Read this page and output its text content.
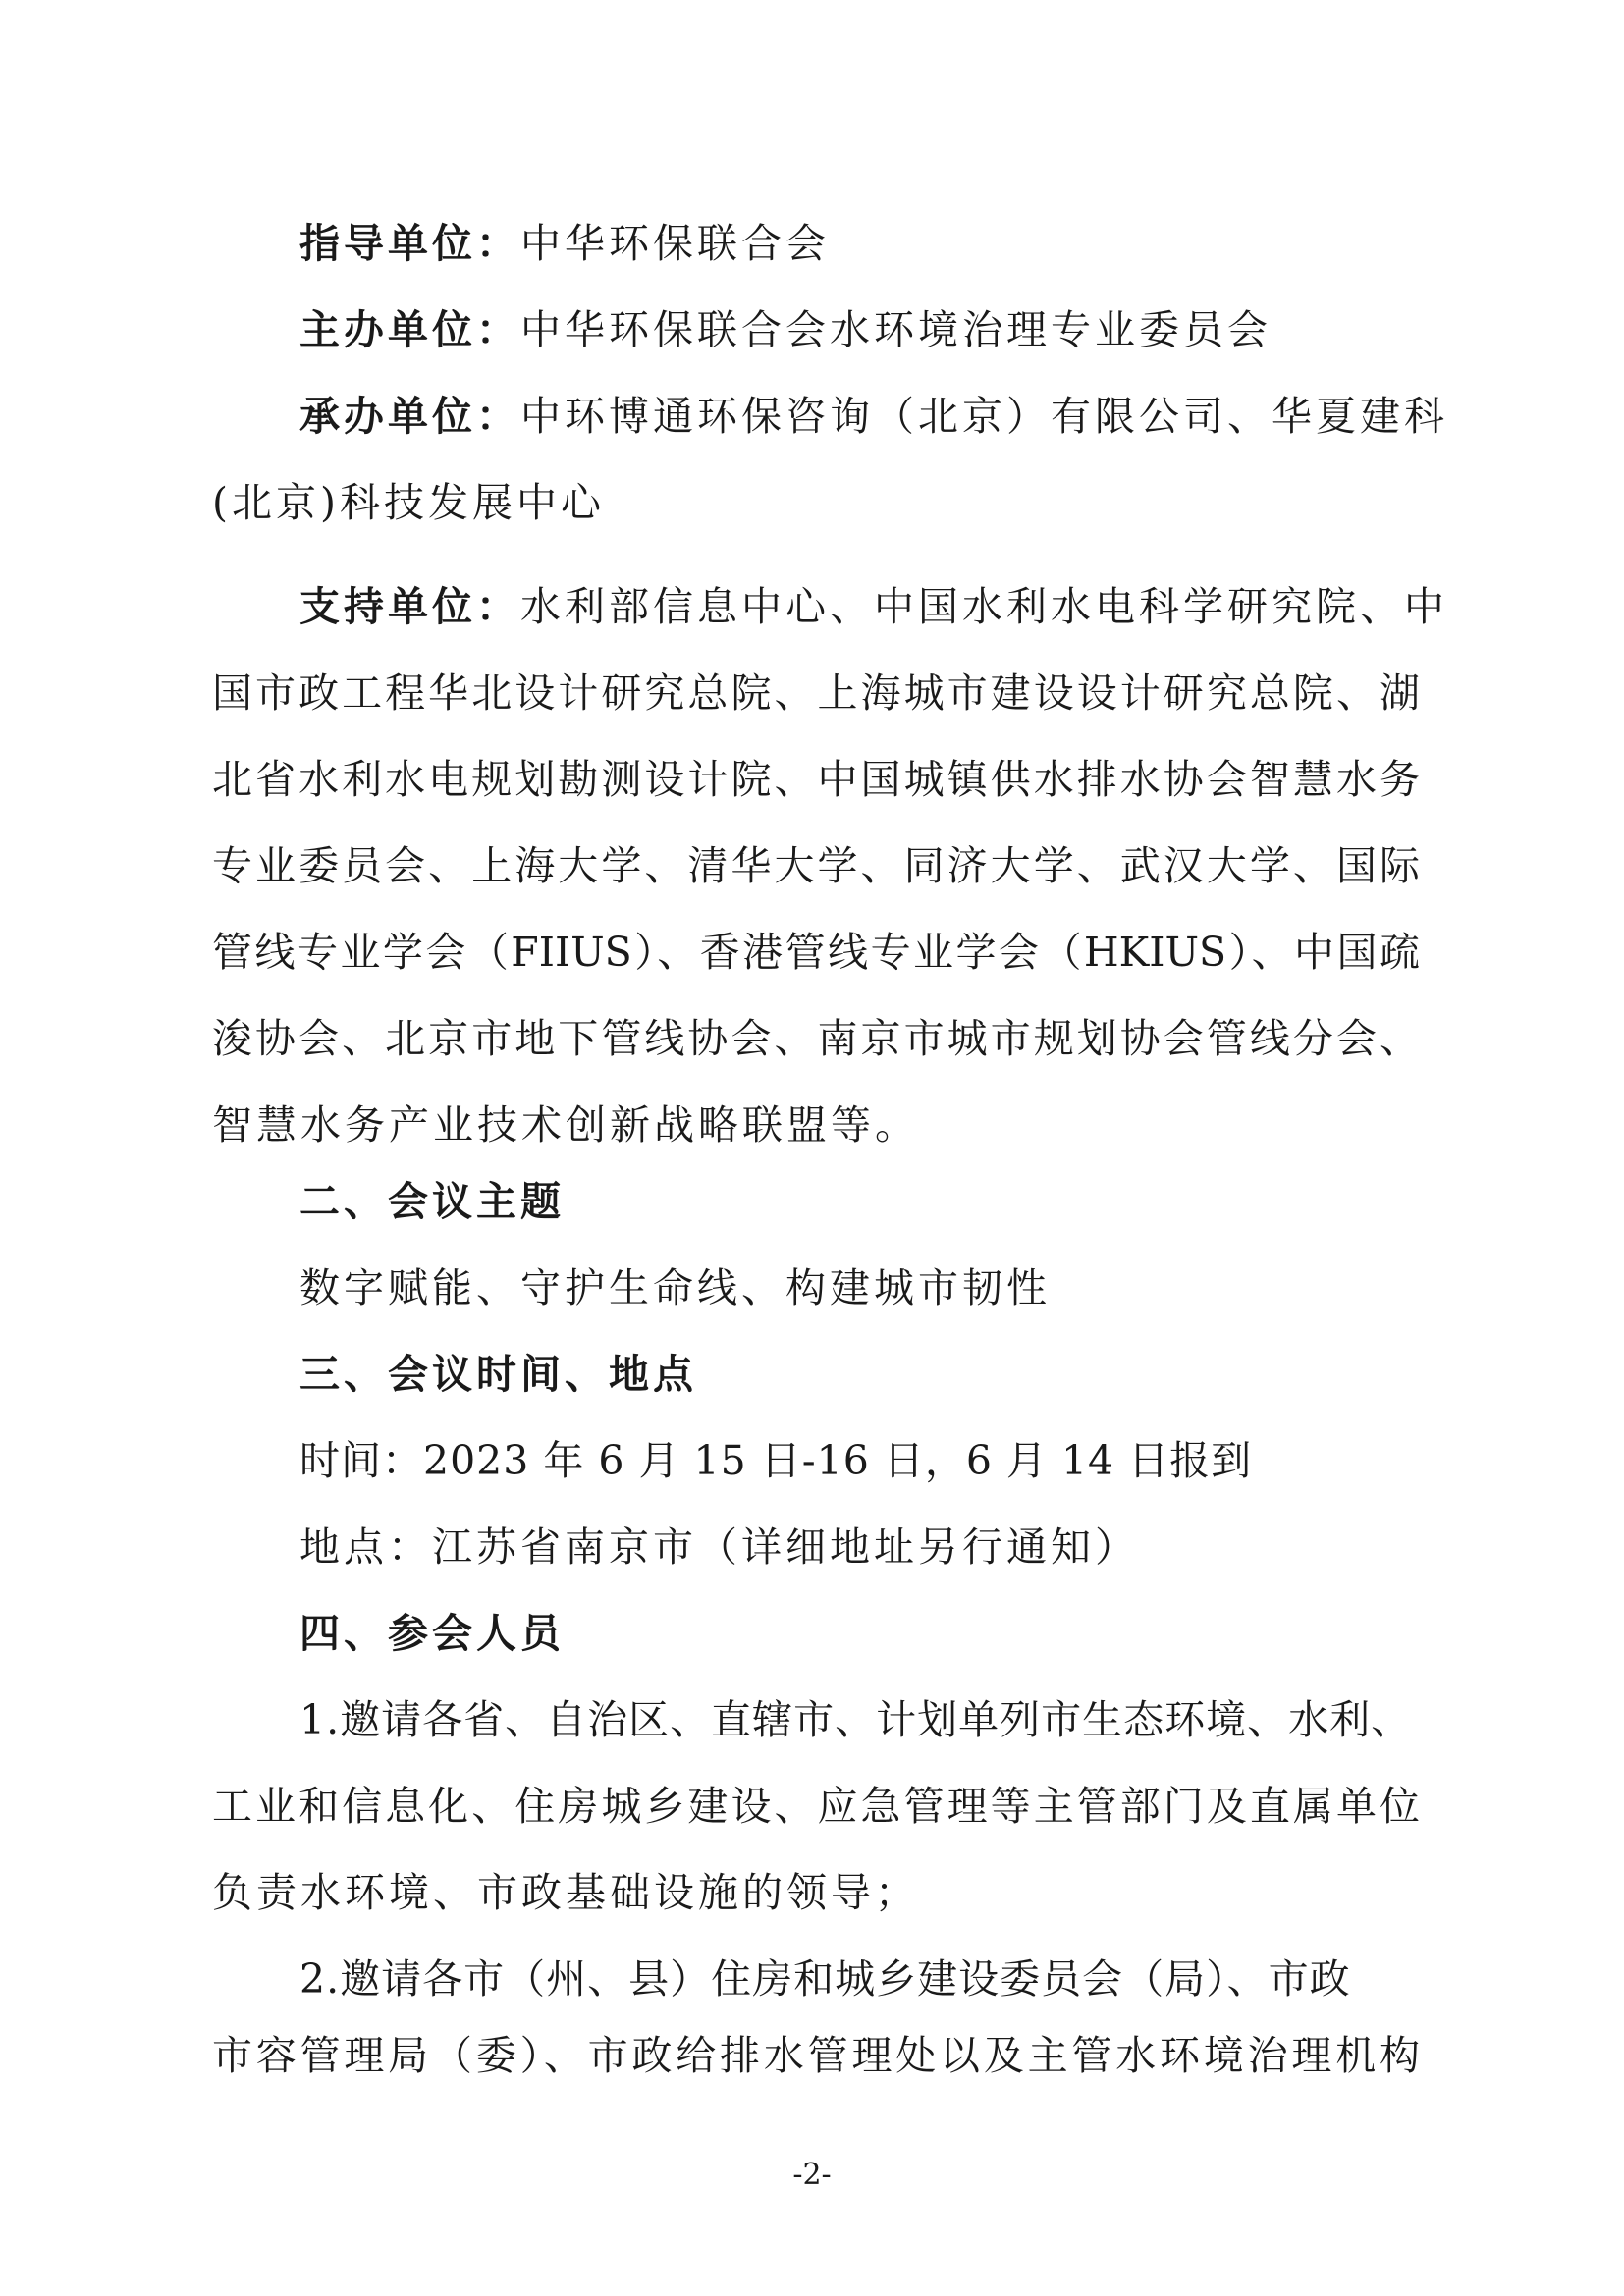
指导单位：中华环保联合会
主办单位：中华环保联合会水环境治理专业委员会
承办单位：中环博通环保咨询（北京）有限公司、华夏建科
(北京)科技发展中心
支持单位：水利部信息中心、中国水利水电科学研究院、中
国市政工程华北设计研究总院、上海城市建设设计研究总院、湖
北省水利水电规划勘测设计院、中国城镇供水排水协会智慧水务
专业委员会、上海大学、清华大学、同济大学、武汉大学、国际
管线专业学会（FIIUS）、香港管线专业学会（HKIUS）、中国疏
浚协会、北京市地下管线协会、南京市城市规划协会管线分会、
智慧水务产业技术创新战略联盟等。
二、会议主题
数字赋能、守护生命线、构建城市韧性
三、会议时间、地点
时间：2023 年 6 月 15 日-16 日，6 月 14 日报到
地点：江苏省南京市（详细地址另行通知）
四、参会人员
1.邀请各省、自治区、直辖市、计划单列市生态环境、水利、
工业和信息化、住房城乡建设、应急管理等主管部门及直属单位
负责水环境、市政基础设施的领导；
2.邀请各市（州、县）住房和城乡建设委员会（局）、市政
市容管理局（委）、市政给排水管理处以及主管水环境治理机构
-2-
